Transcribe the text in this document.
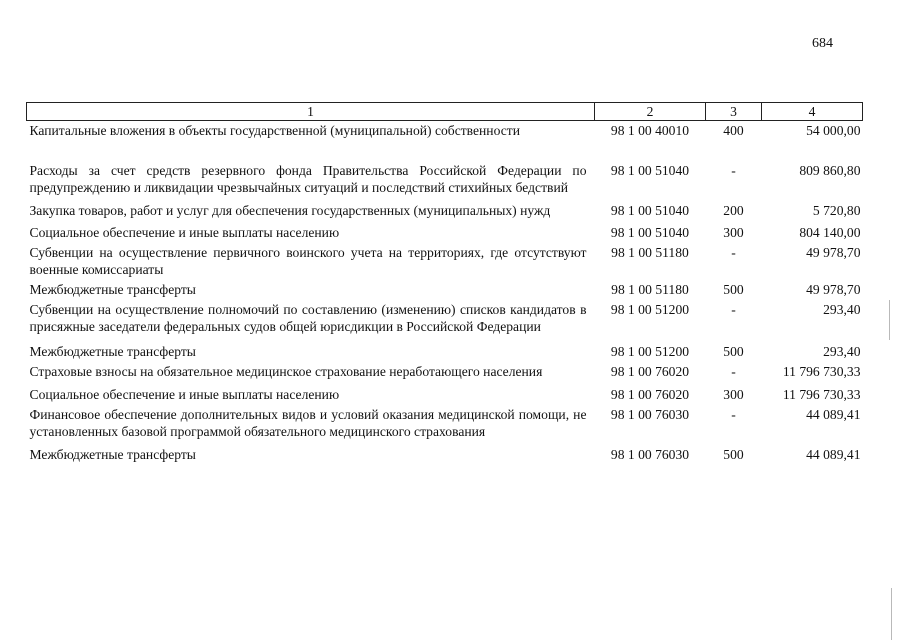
684
1	2	3	4
Капитальные вложения в объекты государственной (муниципальной) собственности	98 1 00 40010	400	54 000,00
Расходы за счет средств резервного фонда Правительства Российской Федерации по предупреждению и ликвидации чрезвычайных ситуаций и последствий стихийных бедствий	98 1 00 51040	-	809 860,80
Закупка товаров, работ и услуг для обеспечения государственных (муниципальных) нужд	98 1 00 51040	200	5 720,80
Социальное обеспечение и иные выплаты населению	98 1 00 51040	300	804 140,00
Субвенции на осуществление первичного воинского учета на территориях, где отсутствуют военные комиссариаты	98 1 00 51180	-	49 978,70
Межбюджетные трансферты	98 1 00 51180	500	49 978,70
Субвенции на осуществление полномочий по составлению (изменению) списков кандидатов в присяжные заседатели федеральных судов общей юрисдикции в Российской Федерации	98 1 00 51200	-	293,40
Межбюджетные трансферты	98 1 00 51200	500	293,40
Страховые взносы на обязательное медицинское страхование неработающего населения	98 1 00 76020	-	11 796 730,33
Социальное обеспечение и иные выплаты населению	98 1 00 76020	300	11 796 730,33
Финансовое обеспечение дополнительных видов и условий оказания медицинской помощи, не установленных базовой программой обязательного медицинского страхования	98 1 00 76030	-	44 089,41
Межбюджетные трансферты	98 1 00 76030	500	44 089,41
